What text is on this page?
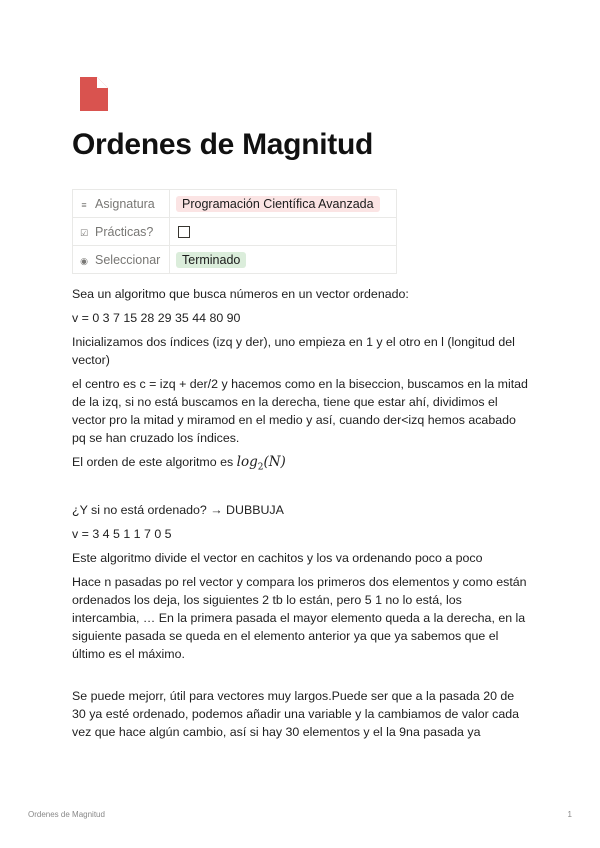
Ordenes de Magnitud
≡ Asignatura	Programación Científica Avanzada
☑ Prácticas?	
◉ Seleccionar	Terminado

Sea un algoritmo que busca números en un vector ordenado:

v = 0 3 7 15 28 29 35 44 80 90

Inicializamos dos índices (izq y der), uno empieza en 1 y el otro en l (longitud del vector)

el centro es c = izq + der/2 y hacemos como en la biseccion, buscamos en la mitad de la izq, si no está buscamos en la derecha, tiene que estar ahí, dividimos el vector pro la mitad y miramod en el medio y así, cuando der<izq hemos acabado pq se han cruzado los índices.

El orden de este algoritmo es $\log_2(N)$

¿Y si no está ordenado? → DUBBUJA

v = 3 4 5 1 1 7 0 5

Este algoritmo divide el vector en cachitos y los va ordenando poco a poco

Hace n pasadas po rel vector y compara los primeros dos elementos y como están ordenados los deja, los siguientes 2 tb lo están, pero 5 1 no lo está, los intercambia, … En la primera pasada el mayor elemento queda a la derecha, en la siguiente pasada se queda en el elemento anterior ya que ya sabemos que el último es el máximo.

Se puede mejorr, útil para vectores muy largos.Puede ser que a la pasada 20 de 30 ya esté ordenado, podemos añadir una variable y la cambiamos de valor cada vez que hace algún cambio, así si hay 30 elementos y el la 9na pasada ya

Ordenes de Magnitud	1
